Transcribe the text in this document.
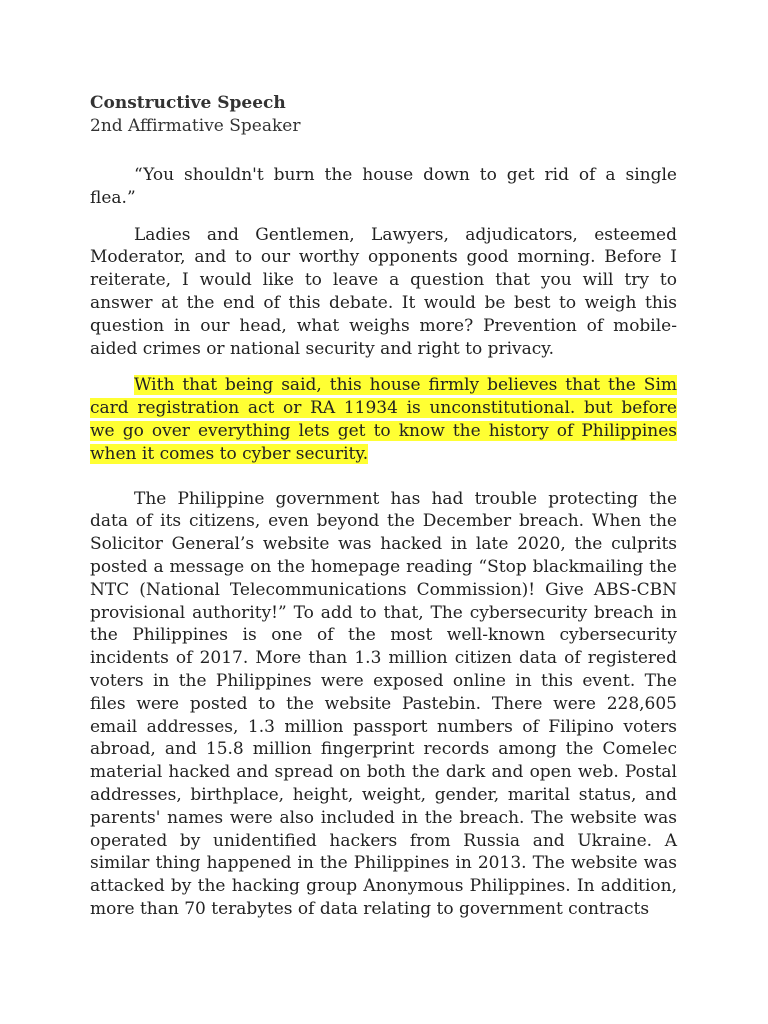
Constructive Speech

2nd Affirmative Speaker

“You shouldn't burn the house down to get rid of a single flea.”

Ladies and Gentlemen, Lawyers, adjudicators, esteemed Moderator, and to our worthy opponents good morning. Before I reiterate, I would like to leave a question that you will try to answer at the end of this debate. It would be best to weigh this question in our head, what weighs more? Prevention of mobile-aided crimes or national security and right to privacy.

With that being said, this house firmly believes that the Sim card registration act or RA 11934 is unconstitutional. but before we go over everything lets get to know the history of Philippines when it comes to cyber security.

The Philippine government has had trouble protecting the data of its citizens, even beyond the December breach. When the Solicitor General’s website was hacked in late 2020, the culprits posted a message on the homepage reading “Stop blackmailing the NTC (National Telecommunications Commission)! Give ABS-CBN provisional authority!” To add to that, The cybersecurity breach in the Philippines is one of the most well-known cybersecurity incidents of 2017. More than 1.3 million citizen data of registered voters in the Philippines were exposed online in this event. The files were posted to the website Pastebin. There were 228,605 email addresses, 1.3 million passport numbers of Filipino voters abroad, and 15.8 million fingerprint records among the Comelec material hacked and spread on both the dark and open web. Postal addresses, birthplace, height, weight, gender, marital status, and parents' names were also included in the breach. The website was operated by unidentified hackers from Russia and Ukraine. A similar thing happened in the Philippines in 2013. The website was attacked by the hacking group Anonymous Philippines. In addition, more than 70 terabytes of data relating to government contracts
